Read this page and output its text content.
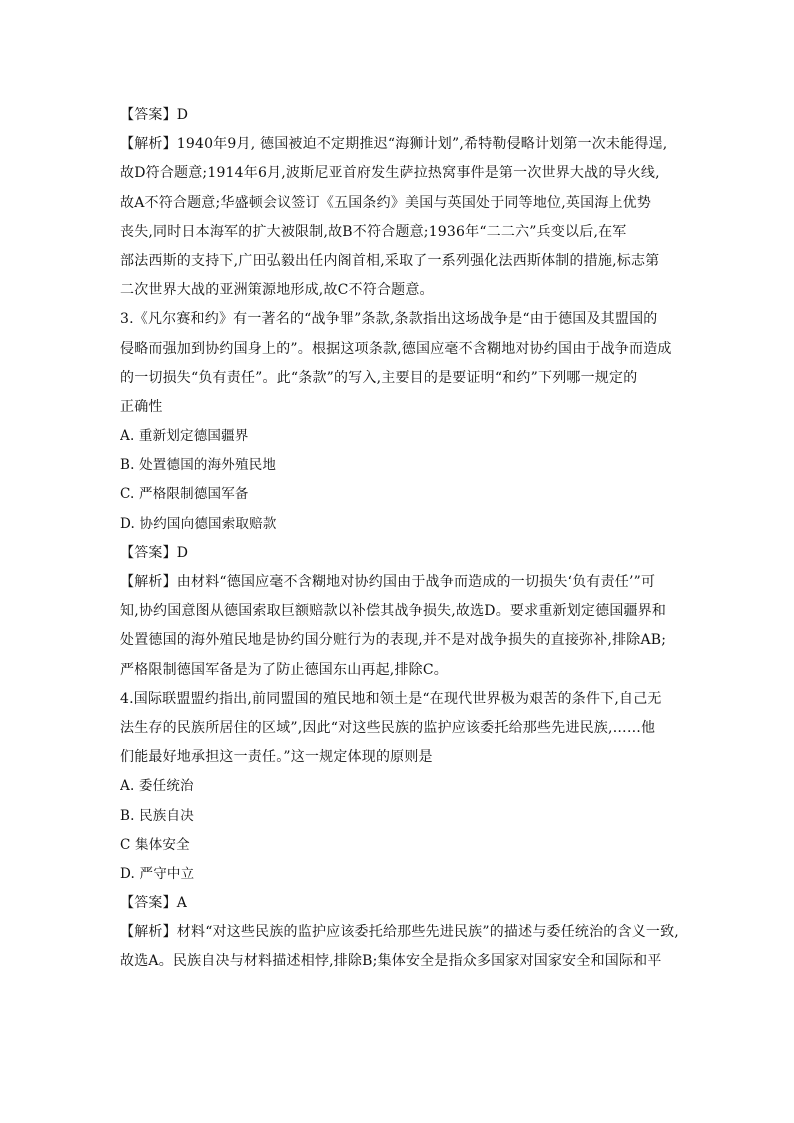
【答案】D
【解析】1940年9月, 德国被迫不定期推迟“海狮计划”,希特勒侵略计划第一次未能得逞,
故D符合题意;1914年6月,波斯尼亚首府发生萨拉热窝事件是第一次世界大战的导火线,
故A不符合题意;华盛顿会议签订《五国条约》美国与英国处于同等地位,英国海上优势
丧失,同时日本海军的扩大被限制,故B不符合题意;1936年“二二六”兵变以后,在军
部法西斯的支持下,广田弘毅出任内阁首相,采取了一系列强化法西斯体制的措施,标志第
二次世界大战的亚洲策源地形成,故C不符合题意。
3.《凡尔赛和约》有一著名的“战争罪”条款,条款指出这场战争是“由于德国及其盟国的
侵略而强加到协约国身上的”。根据这项条款,德国应毫不含糊地对协约国由于战争而造成
的一切损失“负有责任”。此“条款”的写入,主要目的是要证明“和约”下列哪一规定的
正确性
A. 重新划定德国疆界
B. 处置德国的海外殖民地
C. 严格限制德国军备
D. 协约国向德国索取赔款
【答案】D
【解析】由材料“德国应毫不含糊地对协约国由于战争而造成的一切损失‘负有责任’”可
知,协约国意图从德国索取巨额赔款以补偿其战争损失,故选D。要求重新划定德国疆界和
处置德国的海外殖民地是协约国分赃行为的表现,并不是对战争损失的直接弥补,排除AB;
严格限制德国军备是为了防止德国东山再起,排除C。
4.国际联盟盟约指出,前同盟国的殖民地和领土是“在现代世界极为艰苦的条件下,自己无
法生存的民族所居住的区域”,因此“对这些民族的监护应该委托给那些先进民族,……他
们能最好地承担这一责任。”这一规定体现的原则是
A. 委任统治
B. 民族自决
C 集体安全
D. 严守中立
【答案】A
【解析】材料“对这些民族的监护应该委托给那些先进民族”的描述与委任统治的含义一致,
故选A。民族自决与材料描述相悖,排除B;集体安全是指众多国家对国家安全和国际和平
